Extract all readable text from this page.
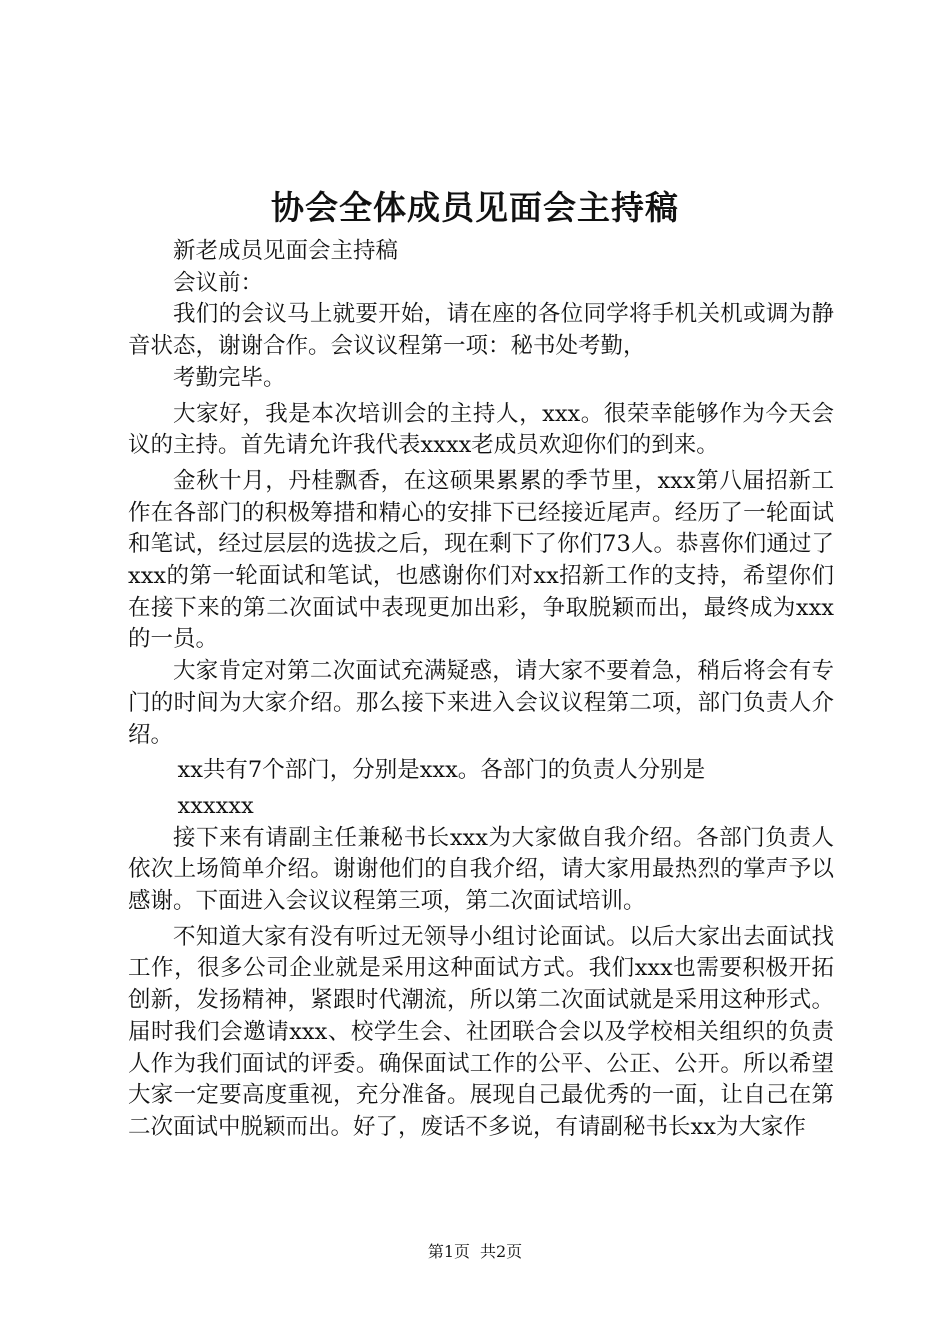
协会全体成员见面会主持稿

新老成员见面会主持稿

会议前：

我们的会议马上就要开始，请在座的各位同学将手机关机或调为静音状态，谢谢合作。会议议程第一项：秘书处考勤，

考勤完毕。

大家好，我是本次培训会的主持人，xxx。很荣幸能够作为今天会议的主持。首先请允许我代表xxxx老成员欢迎你们的到来。

金秋十月，丹桂飘香，在这硕果累累的季节里，xxx第八届招新工作在各部门的积极筹措和精心的安排下已经接近尾声。经历了一轮面试和笔试，经过层层的选拔之后，现在剩下了你们73人。恭喜你们通过了xxx的第一轮面试和笔试，也感谢你们对xx招新工作的支持，希望你们在接下来的第二次面试中表现更加出彩，争取脱颖而出，最终成为xxx的一员。

大家肯定对第二次面试充满疑惑，请大家不要着急，稍后将会有专门的时间为大家介绍。那么接下来进入会议议程第二项，部门负责人介绍。

xx共有7个部门，分别是xxx。各部门的负责人分别是

xxxxxx

接下来有请副主任兼秘书长xxx为大家做自我介绍。各部门负责人依次上场简单介绍。谢谢他们的自我介绍，请大家用最热烈的掌声予以感谢。下面进入会议议程第三项，第二次面试培训。

不知道大家有没有听过无领导小组讨论面试。以后大家出去面试找工作，很多公司企业就是采用这种面试方式。我们xxx也需要积极开拓创新，发扬精神，紧跟时代潮流，所以第二次面试就是采用这种形式。届时我们会邀请xxx、校学生会、社团联合会以及学校相关组织的负责人作为我们面试的评委。确保面试工作的公平、公正、公开。所以希望大家一定要高度重视，充分准备。展现自己最优秀的一面，让自己在第二次面试中脱颖而出。好了，废话不多说，有请副秘书长xx为大家作

第1页 共2页
